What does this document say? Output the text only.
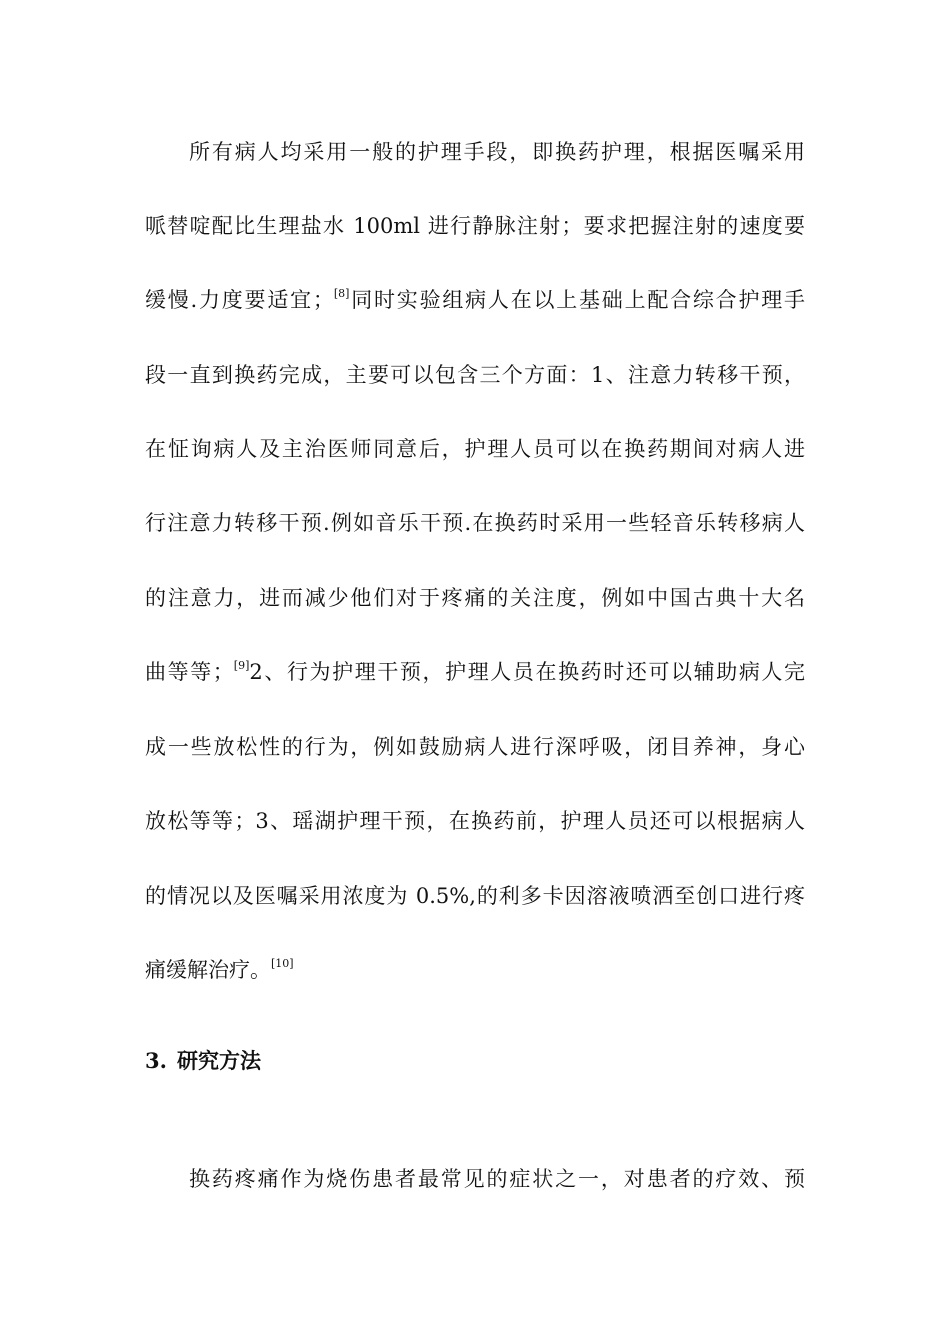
所有病人均采用一般的护理手段，即换药护理，根据医嘱采用
哌替啶配比生理盐水 100ml 进行静脉注射；要求把握注射的速度要
缓慢.力度要适宜；[8]同时实验组病人在以上基础上配合综合护理手
段一直到换药完成，主要可以包含三个方面：1、注意力转移干预，
在怔询病人及主治医师同意后，护理人员可以在换药期间对病人进
行注意力转移干预.例如音乐干预.在换药时采用一些轻音乐转移病人
的注意力，进而减少他们对于疼痛的关注度，例如中国古典十大名
曲等等；[9]2、行为护理干预，护理人员在换药时还可以辅助病人完
成一些放松性的行为，例如鼓励病人进行深呼吸，闭目养神，身心
放松等等；3、瑶湖护理干预，在换药前，护理人员还可以根据病人
的情况以及医嘱采用浓度为 0.5%,的利多卡因溶液喷洒至创口进行疼
痛缓解治疗。[10]
3. 研究方法
换药疼痛作为烧伤患者最常见的症状之一，对患者的疗效、预
